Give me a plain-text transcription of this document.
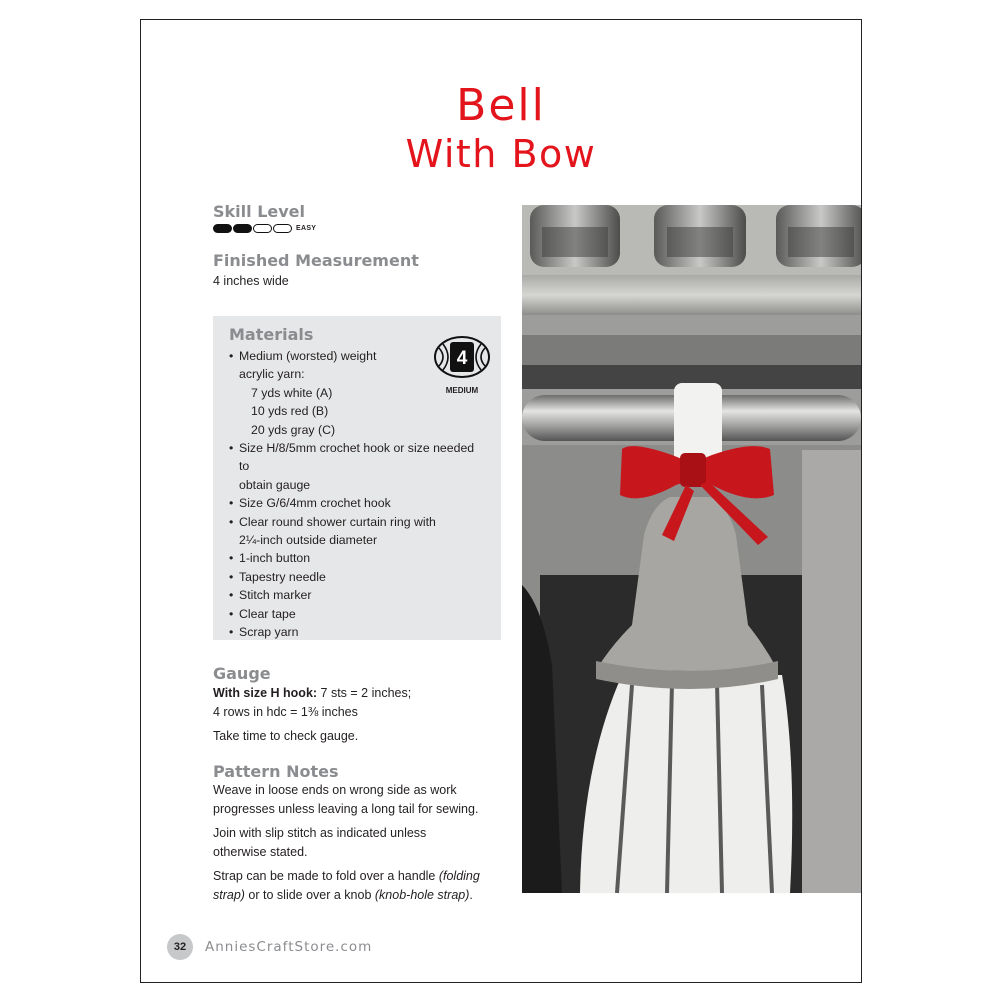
Bell
With Bow
Skill Level
EASY
Finished Measurement
4 inches wide
Materials
4
MEDIUM
• Medium (worsted) weight
acrylic yarn:
7 yds white (A)
10 yds red (B)
20 yds gray (C)
• Size H/8/5mm crochet hook or size needed to
obtain gauge
• Size G/6/4mm crochet hook
• Clear round shower curtain ring with
2¼-inch outside diameter
• 1-inch button
• Tapestry needle
• Stitch marker
• Clear tape
• Scrap yarn
Gauge
With size H hook: 7 sts = 2 inches;
4 rows in hdc = 1⅜ inches
Take time to check gauge.
Pattern Notes
Weave in loose ends on wrong side as work
progresses unless leaving a long tail for sewing.
Join with slip stitch as indicated unless
otherwise stated.
Strap can be made to fold over a handle (folding
strap) or to slide over a knob (knob-hole strap).
32	AnniesCraftStore.com
